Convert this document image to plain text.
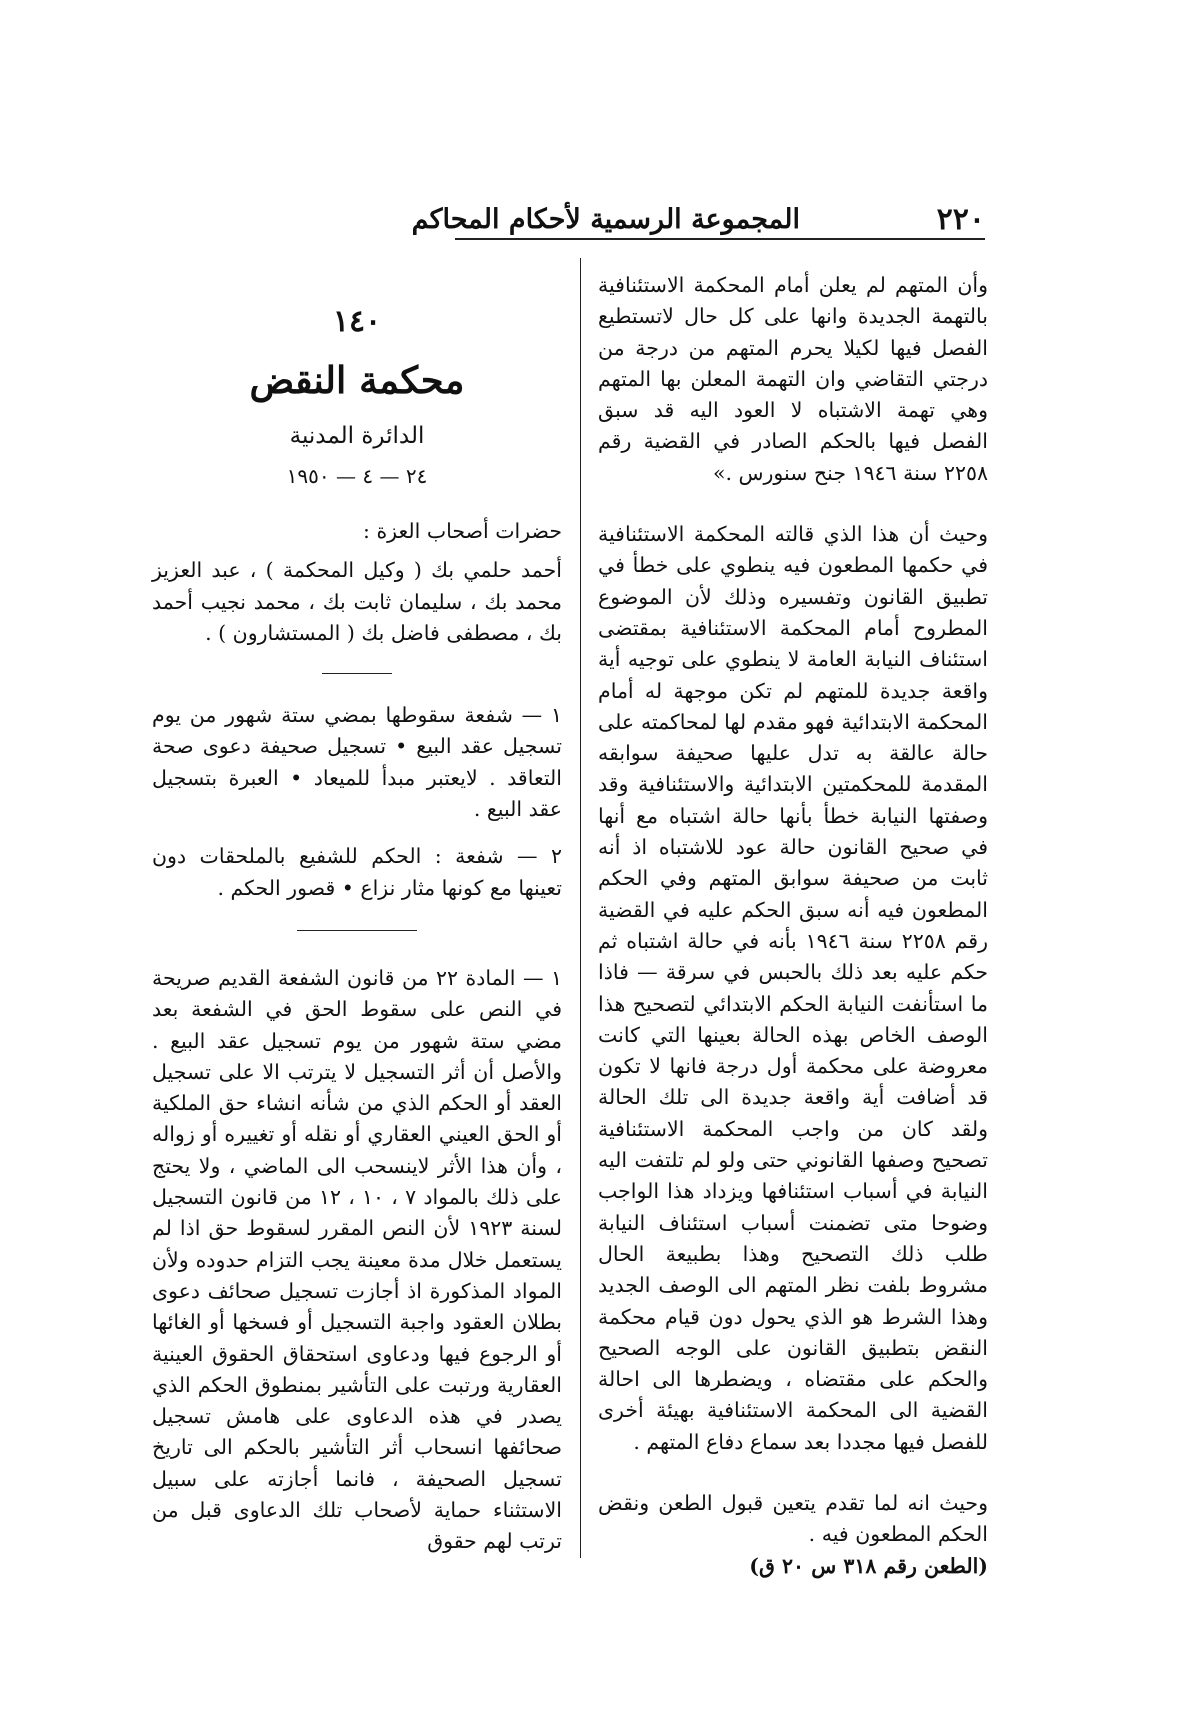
٢٢٠
المجموعة الرسمية لأحكام المحاكم

وأن المتهم لم يعلن أمام المحكمة الاستئنافية بالتهمة الجديدة وانها على كل حال لاتستطيع الفصل فيها لكيلا يحرم المتهم من درجة من درجتي التقاضي وان التهمة المعلن بها المتهم وهي تهمة الاشتباه لا العود اليه قد سبق الفصل فيها بالحكم الصادر في القضية رقم ٢٢٥٨ سنة ١٩٤٦ جنح سنورس .»

وحيث أن هذا الذي قالته المحكمة الاستئنافية في حكمها المطعون فيه ينطوي على خطأ في تطبيق القانون وتفسيره وذلك لأن الموضوع المطروح أمام المحكمة الاستئنافية بمقتضى استئناف النيابة العامة لا ينطوي على توجيه أية واقعة جديدة للمتهم لم تكن موجهة له أمام المحكمة الابتدائية فهو مقدم لها لمحاكمته على حالة عالقة به تدل عليها صحيفة سوابقه المقدمة للمحكمتين الابتدائية والاستئنافية وقد وصفتها النيابة خطأ بأنها حالة اشتباه مع أنها في صحيح القانون حالة عود للاشتباه اذ أنه ثابت من صحيفة سوابق المتهم وفي الحكم المطعون فيه أنه سبق الحكم عليه في القضية رقم ٢٢٥٨ سنة ١٩٤٦ بأنه في حالة اشتباه ثم حكم عليه بعد ذلك بالحبس في سرقة — فاذا ما استأنفت النيابة الحكم الابتدائي لتصحيح هذا الوصف الخاص بهذه الحالة بعينها التي كانت معروضة على محكمة أول درجة فانها لا تكون قد أضافت أية واقعة جديدة الى تلك الحالة ولقد كان من واجب المحكمة الاستئنافية تصحيح وصفها القانوني حتى ولو لم تلتفت اليه النيابة في أسباب استئنافها ويزداد هذا الواجب وضوحا متى تضمنت أسباب استئناف النيابة طلب ذلك التصحيح وهذا بطبيعة الحال مشروط بلفت نظر المتهم الى الوصف الجديد وهذا الشرط هو الذي يحول دون قيام محكمة النقض بتطبيق القانون على الوجه الصحيح والحكم على مقتضاه ، ويضطرها الى احالة القضية الى المحكمة الاستئنافية بهيئة أخرى للفصل فيها مجددا بعد سماع دفاع المتهم .

وحيث انه لما تقدم يتعين قبول الطعن ونقض الحكم المطعون فيه .

(الطعن رقم ٣١٨ س ٢٠ ق)

١٤٠
محكمة النقض
الدائرة المدنية
٢٤ — ٤ — ١٩٥٠

حضرات أصحاب العزة :

أحمد حلمي بك ( وكيل المحكمة ) ، عبد العزيز محمد بك ، سليمان ثابت بك ، محمد نجيب أحمد بك ، مصطفى فاضل بك ( المستشارون ) .

١ — شفعة سقوطها بمضي ستة شهور من يوم تسجيل عقد البيع • تسجيل صحيفة دعوى صحة التعاقد . لايعتبر مبدأ للميعاد • العبرة بتسجيل عقد البيع .

٢ — شفعة : الحكم للشفيع بالملحقات دون تعينها مع كونها مثار نزاع • قصور الحكم .

١ — المادة ٢٢ من قانون الشفعة القديم صريحة في النص على سقوط الحق في الشفعة بعد مضي ستة شهور من يوم تسجيل عقد البيع . والأصل أن أثر التسجيل لا يترتب الا على تسجيل العقد أو الحكم الذي من شأنه انشاء حق الملكية أو الحق العيني العقاري أو نقله أو تغييره أو زواله ، وأن هذا الأثر لاينسحب الى الماضي ، ولا يحتج على ذلك بالمواد ٧ ، ١٠ ، ١٢ من قانون التسجيل لسنة ١٩٢٣ لأن النص المقرر لسقوط حق اذا لم يستعمل خلال مدة معينة يجب التزام حدوده ولأن المواد المذكورة اذ أجازت تسجيل صحائف دعوى بطلان العقود واجبة التسجيل أو فسخها أو الغائها أو الرجوع فيها ودعاوى استحقاق الحقوق العينية العقارية ورتبت على التأشير بمنطوق الحكم الذي يصدر في هذه الدعاوى على هامش تسجيل صحائفها انسحاب أثر التأشير بالحكم الى تاريخ تسجيل الصحيفة ، فانما أجازته على سبيل الاستثناء حماية لأصحاب تلك الدعاوى قبل من ترتب لهم حقوق
